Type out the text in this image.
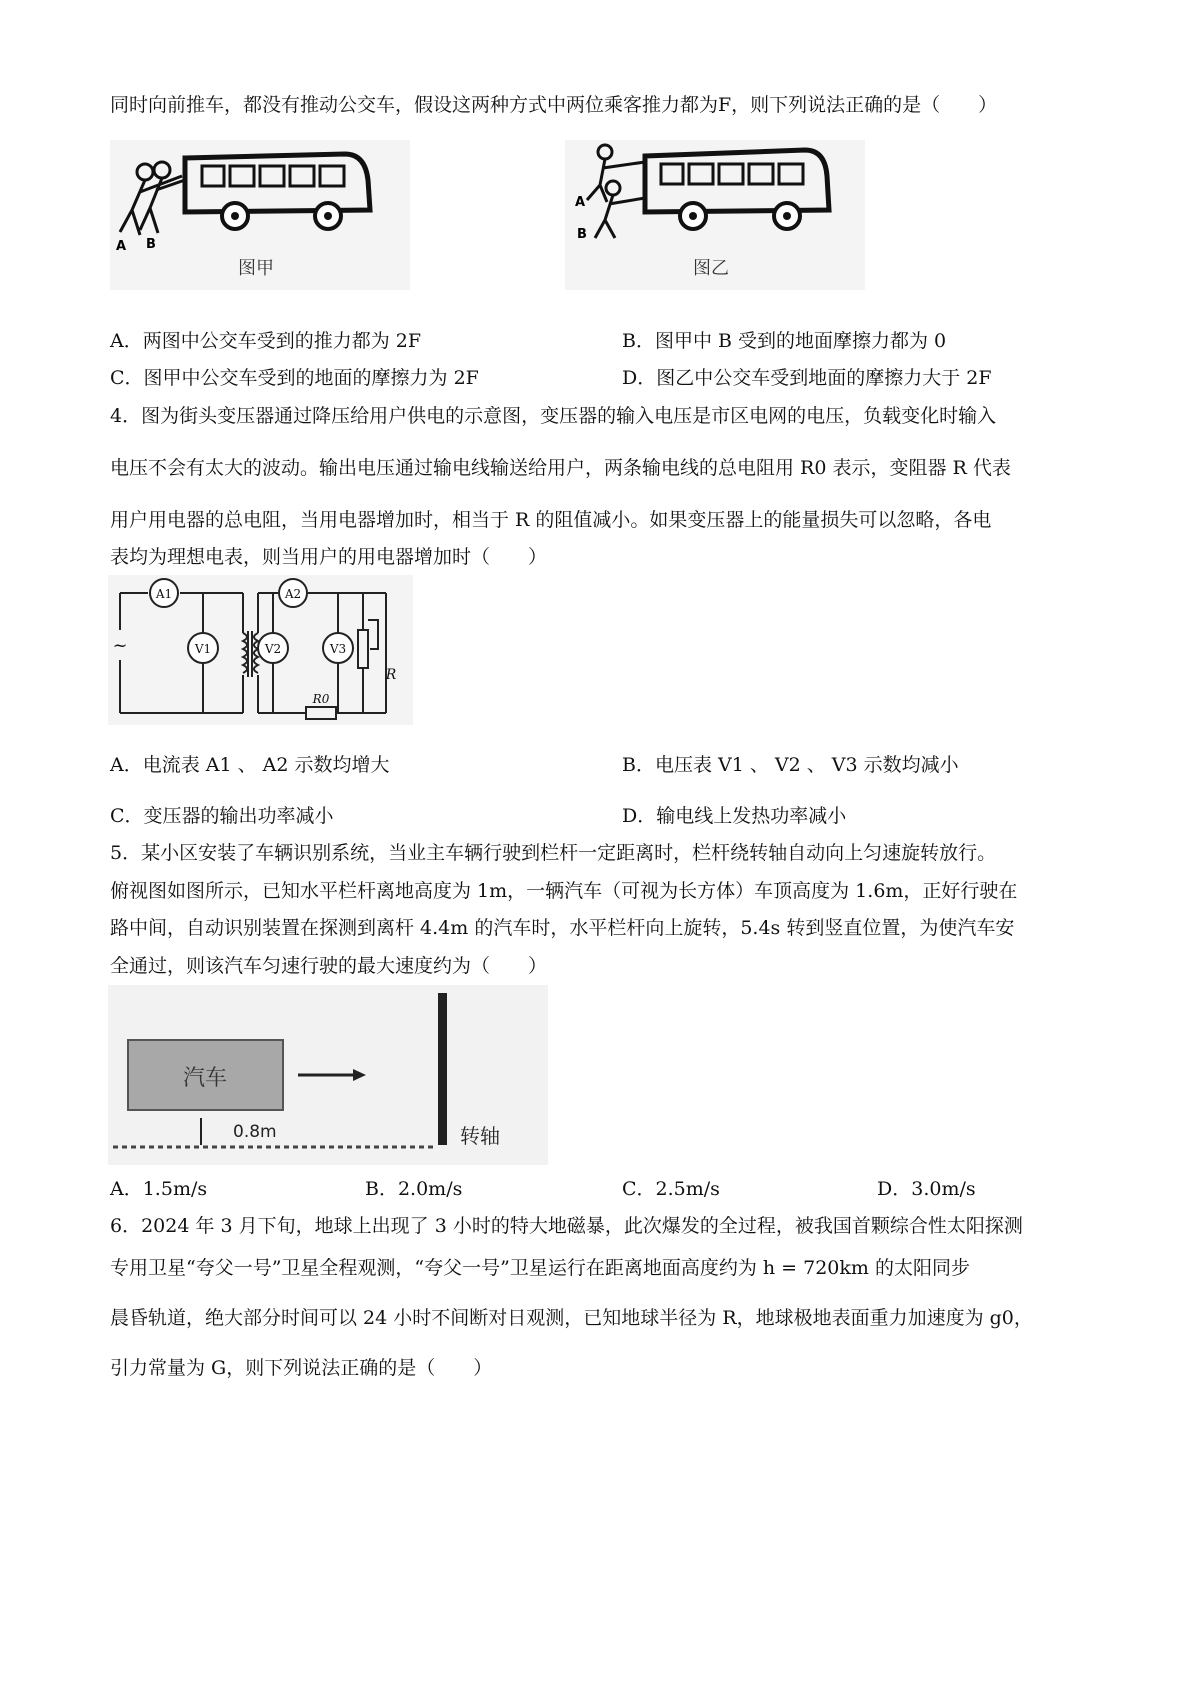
同时向前推车，都没有推动公交车，假设这两种方式中两位乘客推力都为F，则下列说法正确的是（　　）
A B
图甲
A
B
图乙
A．两图中公交车受到的推力都为 2F	B．图甲中 B 受到的地面摩擦力都为 0
C．图甲中公交车受到的地面的摩擦力为 2F	D．图乙中公交车受到地面的摩擦力大于 2F
4．图为街头变压器通过降压给用户供电的示意图，变压器的输入电压是市区电网的电压，负载变化时输入
电压不会有太大的波动。输出电压通过输电线输送给用户，两条输电线的总电阻用 R0 表示，变阻器 R 代表
用户用电器的总电阻，当用电器增加时，相当于 R 的阻值减小。如果变压器上的能量损失可以忽略，各电
表均为理想电表，则当用户的用电器增加时（　　）
A1
V1	V2
A2
V3
R0
R
~
A．电流表 A1 、 A2 示数均增大	B．电压表 V1 、 V2 、 V3 示数均减小
C．变压器的输出功率减小	D．输电线上发热功率减小
5．某小区安装了车辆识别系统，当业主车辆行驶到栏杆一定距离时，栏杆绕转轴自动向上匀速旋转放行。
俯视图如图所示，已知水平栏杆离地高度为 1m，一辆汽车（可视为长方体）车顶高度为 1.6m，正好行驶在
路中间，自动识别装置在探测到离杆 4.4m 的汽车时，水平栏杆向上旋转，5.4s 转到竖直位置，为使汽车安
全通过，则该汽车匀速行驶的最大速度约为（　　）
汽车
0.8m	转轴
A．1.5m/s	B．2.0m/s	C．2.5m/s	D．3.0m/s
6．2024 年 3 月下旬，地球上出现了 3 小时的特大地磁暴，此次爆发的全过程，被我国首颗综合性太阳探测
专用卫星“夸父一号”卫星全程观测，“夸父一号”卫星运行在距离地面高度约为 h = 720km 的太阳同步
晨昏轨道，绝大部分时间可以 24 小时不间断对日观测，已知地球半径为 R，地球极地表面重力加速度为 g0，
引力常量为 G，则下列说法正确的是（　　）
